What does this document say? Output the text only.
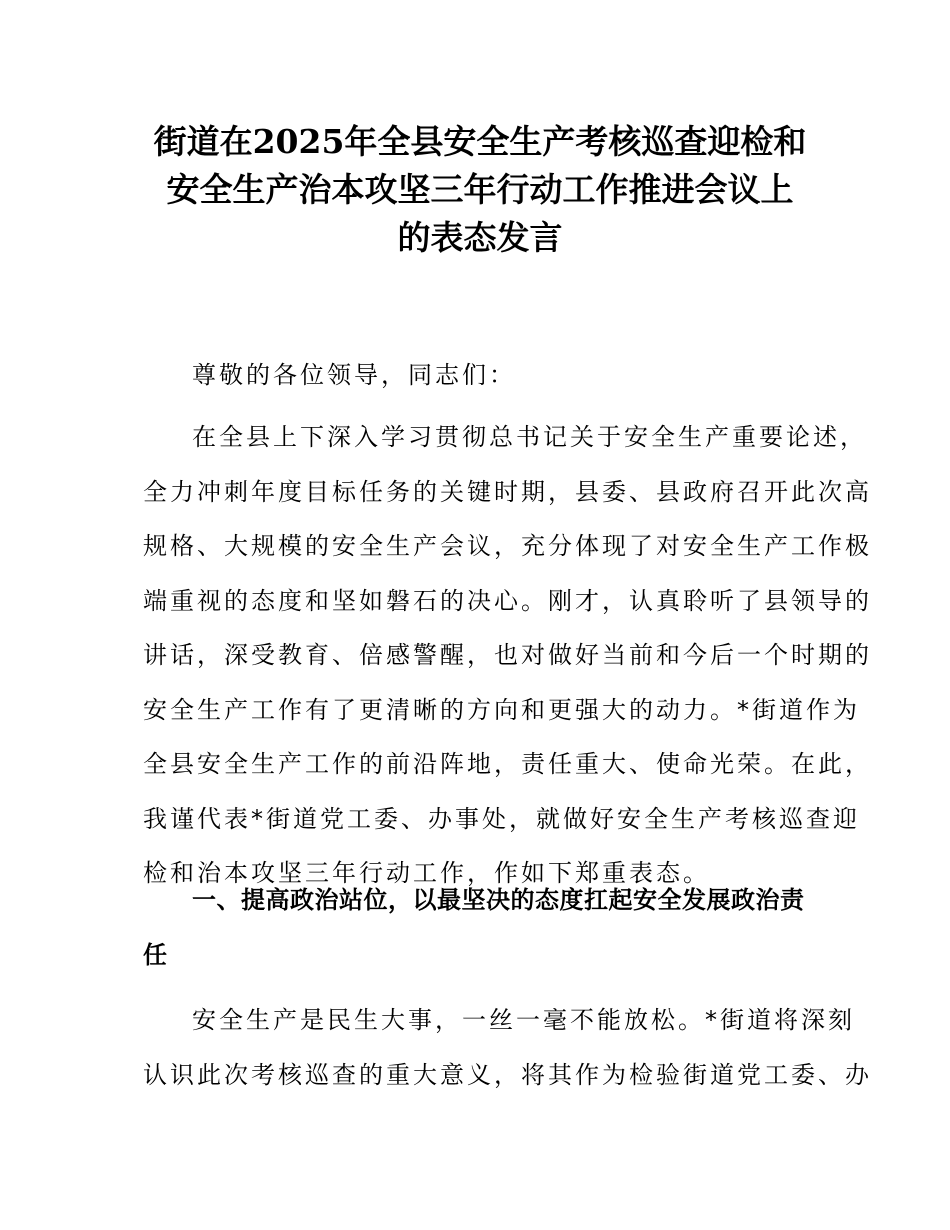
街道在2025年全县安全生产考核巡查迎检和
安全生产治本攻坚三年行动工作推进会议上
的表态发言
尊敬的各位领导，同志们：
在全县上下深入学习贯彻总书记关于安全生产重要论述，
全力冲刺年度目标任务的关键时期，县委、县政府召开此次高
规格、大规模的安全生产会议，充分体现了对安全生产工作极
端重视的态度和坚如磐石的决心。刚才，认真聆听了县领导的
讲话，深受教育、倍感警醒，也对做好当前和今后一个时期的
安全生产工作有了更清晰的方向和更强大的动力。*街道作为
全县安全生产工作的前沿阵地，责任重大、使命光荣。在此，
我谨代表*街道党工委、办事处，就做好安全生产考核巡查迎
检和治本攻坚三年行动工作，作如下郑重表态。
一、提高政治站位，以最坚决的态度扛起安全发展政治责
任
安全生产是民生大事，一丝一毫不能放松。*街道将深刻
认识此次考核巡查的重大意义，将其作为检验街道党工委、办
